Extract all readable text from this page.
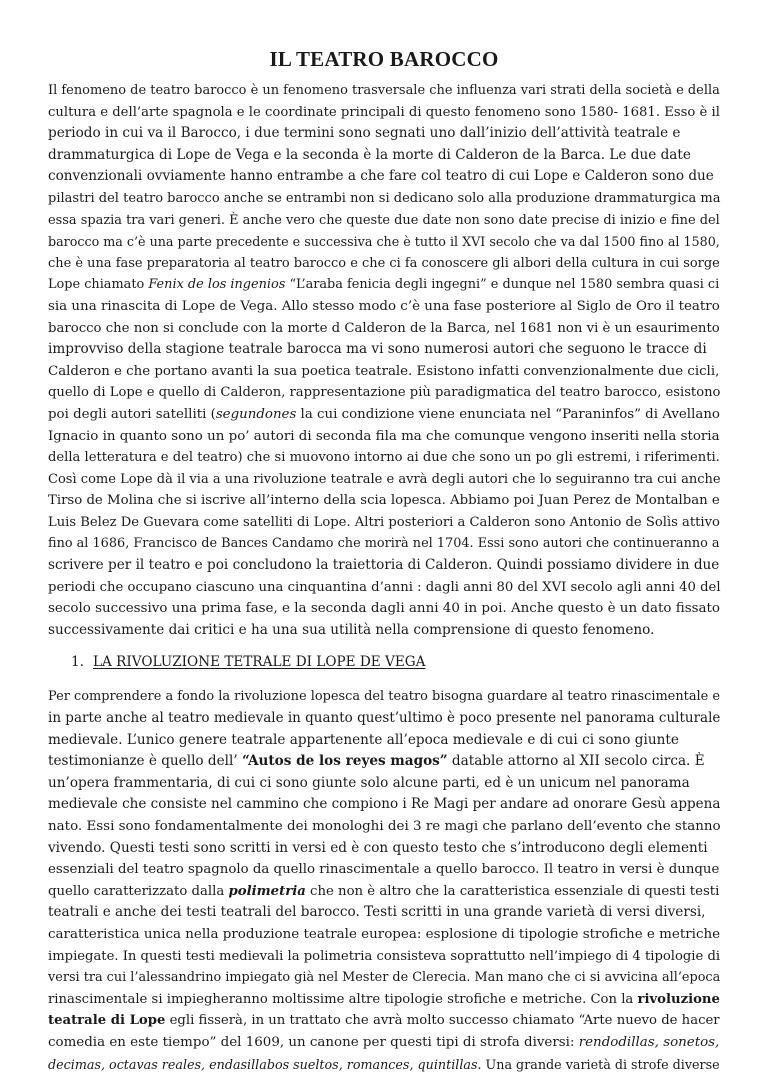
IL TEATRO BAROCCO
Il fenomeno de teatro barocco è un fenomeno trasversale che influenza vari strati della società e della
cultura e dell’arte spagnola e le coordinate principali di questo fenomeno sono 1580- 1681. Esso è il
periodo in cui va il Barocco, i due termini sono segnati uno dall’inizio dell’attività teatrale e
drammaturgica di Lope de Vega e la seconda è la morte di Calderon de la Barca. Le due date
convenzionali ovviamente hanno entrambe a che fare col teatro di cui Lope e Calderon sono due
pilastri del teatro barocco anche se entrambi non si dedicano solo alla produzione drammaturgica ma
essa spazia tra vari generi. È anche vero che queste due date non sono date precise di inizio e fine del
barocco ma c’è una parte precedente e successiva che è tutto il XVI secolo che va dal 1500 fino al 1580,
che è una fase preparatoria al teatro barocco e che ci fa conoscere gli albori della cultura in cui sorge
Lope chiamato Fenix de los ingenios “L’araba fenicia degli ingegni” e dunque nel 1580 sembra quasi ci
sia una rinascita di Lope de Vega. Allo stesso modo c’è una fase posteriore al Siglo de Oro il teatro
barocco che non si conclude con la morte d Calderon de la Barca, nel 1681 non vi è un esaurimento
improvviso della stagione teatrale barocca ma vi sono numerosi autori che seguono le tracce di
Calderon e che portano avanti la sua poetica teatrale. Esistono infatti convenzionalmente due cicli,
quello di Lope e quello di Calderon, rappresentazione più paradigmatica del teatro barocco, esistono
poi degli autori satelliti (segundones la cui condizione viene enunciata nel “Paraninfos” di Avellano
Ignacio in quanto sono un po’ autori di seconda fila ma che comunque vengono inseriti nella storia
della letteratura e del teatro) che si muovono intorno ai due che sono un po gli estremi, i riferimenti.
Così come Lope dà il via a una rivoluzione teatrale e avrà degli autori che lo seguiranno tra cui anche
Tirso de Molina che si iscrive all’interno della scia lopesca. Abbiamo poi Juan Perez de Montalban e
Luis Belez De Guevara come satelliti di Lope. Altri posteriori a Calderon sono Antonio de Solìs attivo
fino al 1686, Francisco de Bances Candamo che morirà nel 1704. Essi sono autori che continueranno a
scrivere per il teatro e poi concludono la traiettoria di Calderon. Quindi possiamo dividere in due
periodi che occupano ciascuno una cinquantina d’anni : dagli anni 80 del XVI secolo agli anni 40 del
secolo successivo una prima fase, e la seconda dagli anni 40 in poi. Anche questo è un dato fissato
successivamente dai critici e ha una sua utilità nella comprensione di questo fenomeno.
1. LA RIVOLUZIONE TETRALE DI LOPE DE VEGA
Per comprendere a fondo la rivoluzione lopesca del teatro bisogna guardare al teatro rinascimentale e
in parte anche al teatro medievale in quanto quest’ultimo è poco presente nel panorama culturale
medievale. L’unico genere teatrale appartenente all’epoca medievale e di cui ci sono giunte
testimonianze è quello dell’ “Autos de los reyes magos” datable attorno al XII secolo circa. È
un’opera frammentaria, di cui ci sono giunte solo alcune parti, ed è un unicum nel panorama
medievale che consiste nel cammino che compiono i Re Magi per andare ad onorare Gesù appena
nato. Essi sono fondamentalmente dei monologhi dei 3 re magi che parlano dell’evento che stanno
vivendo. Questi testi sono scritti in versi ed è con questo testo che s’introducono degli elementi
essenziali del teatro spagnolo da quello rinascimentale a quello barocco. Il teatro in versi è dunque
quello caratterizzato dalla polimetria che non è altro che la caratteristica essenziale di questi testi
teatrali e anche dei testi teatrali del barocco. Testi scritti in una grande varietà di versi diversi,
caratteristica unica nella produzione teatrale europea: esplosione di tipologie strofiche e metriche
impiegate. In questi testi medievali la polimetria consisteva soprattutto nell’impiego di 4 tipologie di
versi tra cui l’alessandrino impiegato già nel Mester de Clerecia. Man mano che ci si avvicina all’epoca
rinascimentale si impiegheranno moltissime altre tipologie strofiche e metriche. Con la rivoluzione
teatrale di Lope egli fisserà, in un trattato che avrà molto successo chiamato “Arte nuevo de hacer
comedia en este tiempo” del 1609, un canone per questi tipi di strofa diversi: rendodillas, sonetos,
decimas, octavas reales, endasillabos sueltos, romances, quintillas. Una grande varietà di strofe diverse
